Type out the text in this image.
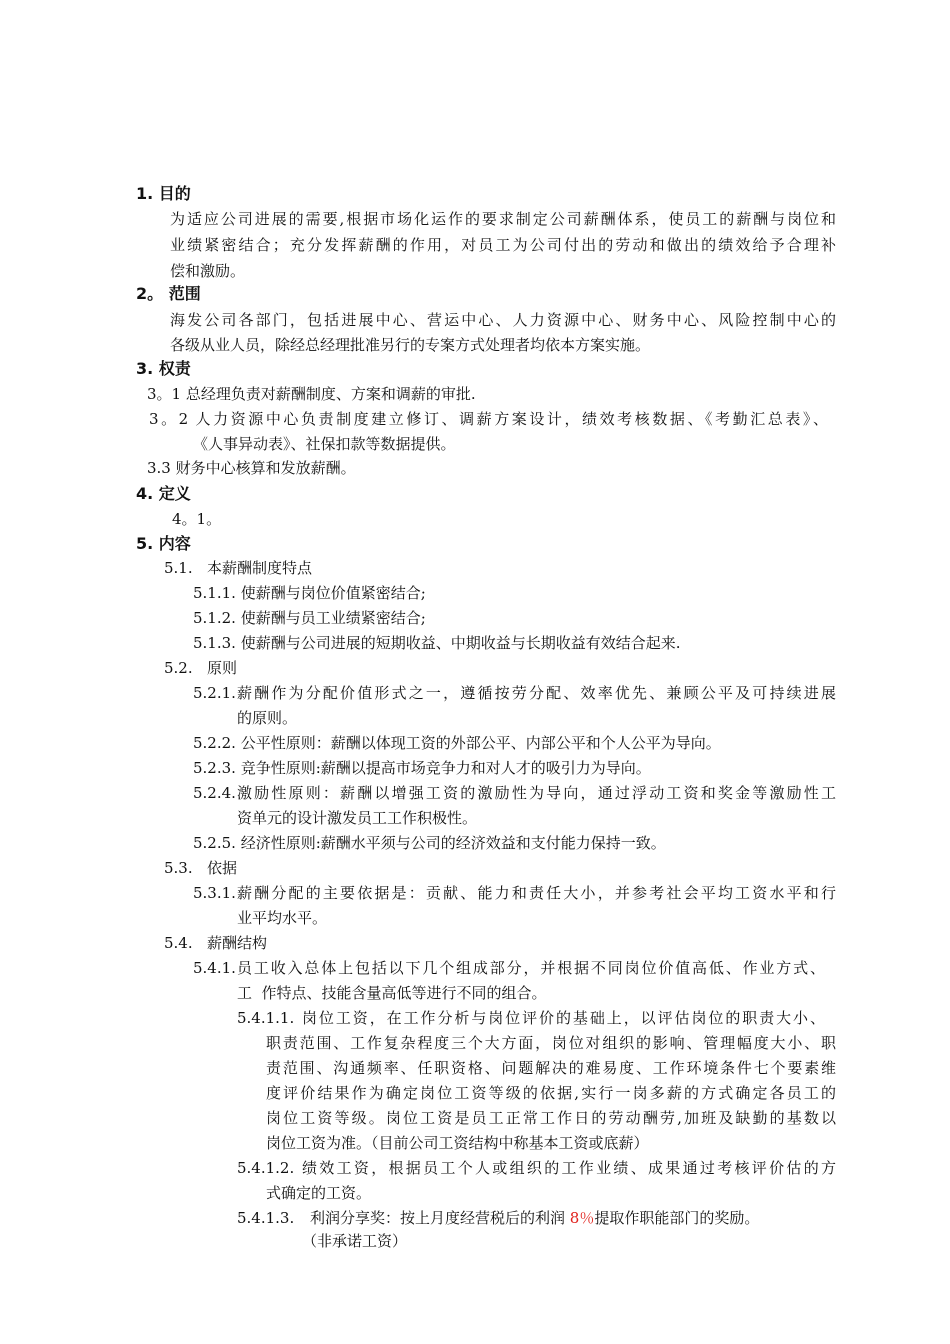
1. 目的
为适应公司进展的需要,根据市场化运作的要求制定公司薪酬体系，使员工的薪酬与岗位和
业绩紧密结合；充分发挥薪酬的作用，对员工为公司付出的劳动和做出的绩效给予合理补
偿和激励。
2。 范围
海发公司各部门，包括进展中心、营运中心、人力资源中心、财务中心、风险控制中心的
各级从业人员，除经总经理批准另行的专案方式处理者均依本方案实施。
3. 权责
3。1 总经理负责对薪酬制度、方案和调薪的审批.
3。2 人力资源中心负责制度建立修订、调薪方案设计，绩效考核数据、《考勤汇总表》、
《人事异动表》、社保扣款等数据提供。
3.3 财务中心核算和发放薪酬。
4. 定义
4。1。
5. 内容
5.1. 本薪酬制度特点
5.1.1. 使薪酬与岗位价值紧密结合;
5.1.2. 使薪酬与员工业绩紧密结合;
5.1.3. 使薪酬与公司进展的短期收益、中期收益与长期收益有效结合起来.
5.2. 原则
5.2.1. 薪酬作为分配价值形式之一，遵循按劳分配、效率优先、兼顾公平及可持续进展
的原则。
5.2.2. 公平性原则：薪酬以体现工资的外部公平、内部公平和个人公平为导向。
5.2.3. 竞争性原则:薪酬以提高市场竞争力和对人才的吸引力为导向。
5.2.4. 激励性原则：薪酬以增强工资的激励性为导向，通过浮动工资和奖金等激励性工
资单元的设计激发员工工作积极性。
5.2.5. 经济性原则:薪酬水平须与公司的经济效益和支付能力保持一致。
5.3. 依据
5.3.1. 薪酬分配的主要依据是：贡献、能力和责任大小，并参考社会平均工资水平和行
业平均水平。
5.4. 薪酬结构
5.4.1. 员工收入总体上包括以下几个组成部分，并根据不同岗位价值高低、作业方式、
工  作特点、技能含量高低等进行不同的组合。
5.4.1.1. 岗位工资，在工作分析与岗位评价的基础上，以评估岗位的职责大小、
职责范围、工作复杂程度三个大方面，岗位对组织的影响、管理幅度大小、职
责范围、沟通频率、任职资格、问题解决的难易度、工作环境条件七个要素维
度评价结果作为确定岗位工资等级的依据,实行一岗多薪的方式确定各员工的
岗位工资等级。岗位工资是员工正常工作日的劳动酬劳,加班及缺勤的基数以
岗位工资为准。（目前公司工资结构中称基本工资或底薪）
5.4.1.2. 绩效工资，根据员工个人或组织的工作业绩、成果通过考核评价估的方
式确定的工资。
5.4.1.3. 利润分享奖：按上月度经营税后的利润 8％提取作职能部门的奖励。
（非承诺工资）
